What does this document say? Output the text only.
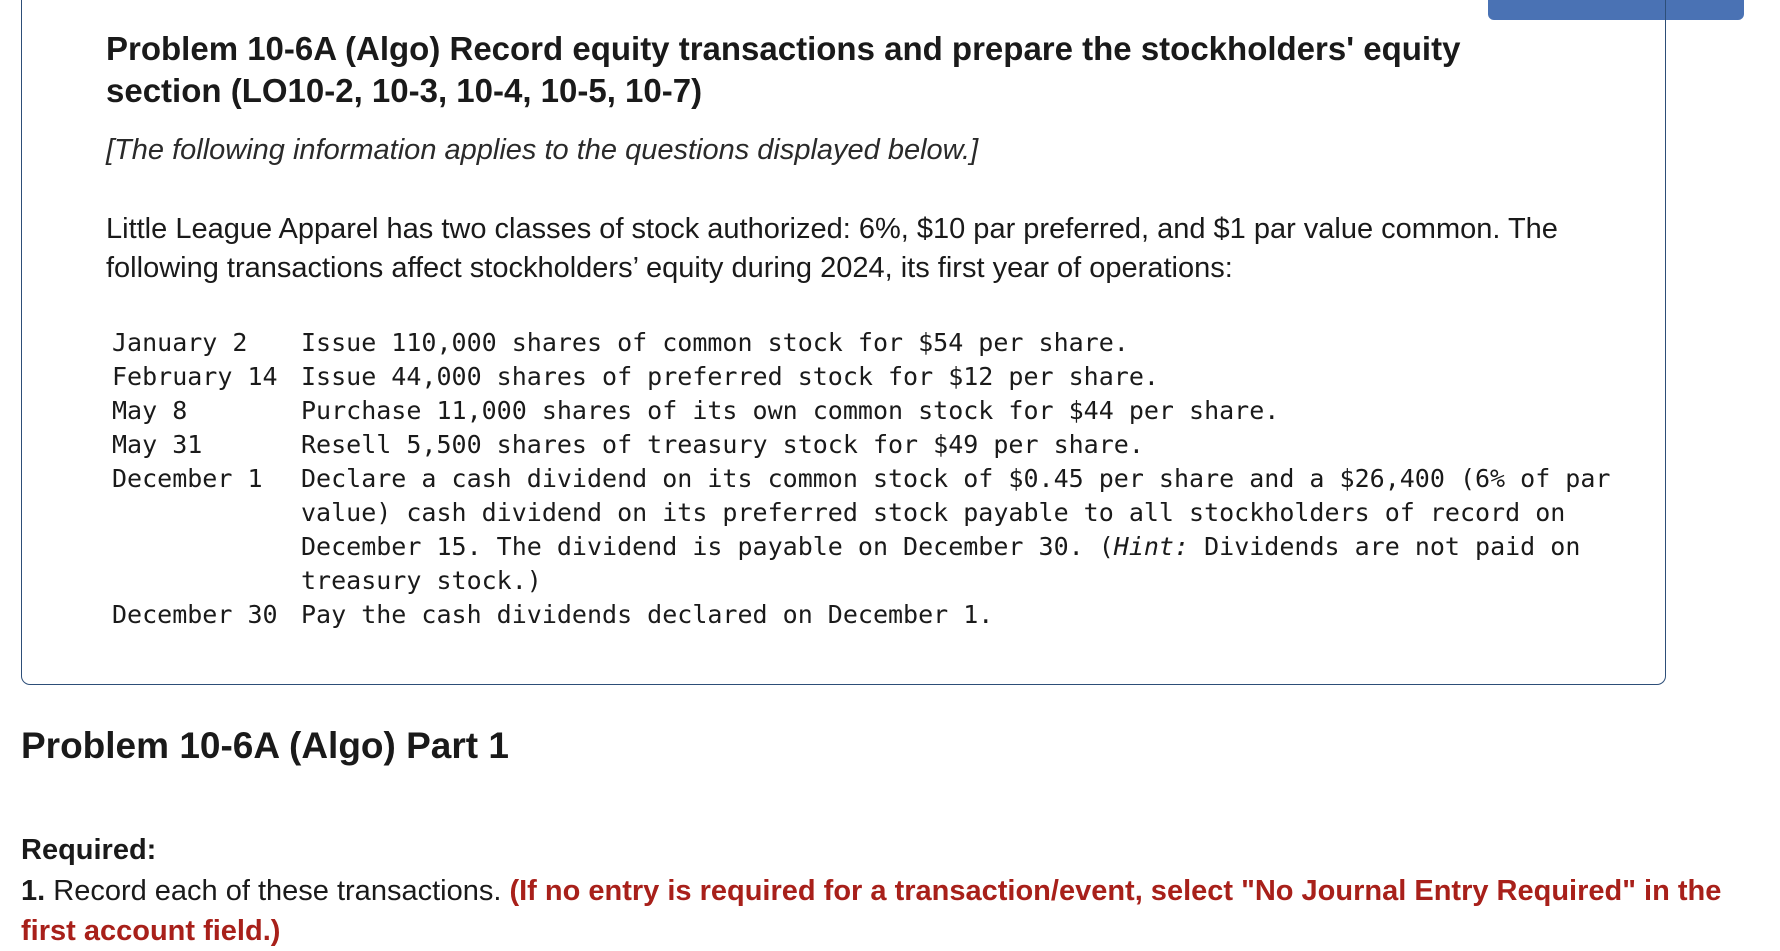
Problem 10-6A (Algo) Record equity transactions and prepare the stockholders' equity section (LO10-2, 10-3, 10-4, 10-5, 10-7)

[The following information applies to the questions displayed below.]

Little League Apparel has two classes of stock authorized: 6%, $10 par preferred, and $1 par value common. The following transactions affect stockholders’ equity during 2024, its first year of operations:

January 2	Issue 110,000 shares of common stock for $54 per share.
February 14 Issue 44,000 shares of preferred stock for $12 per share.
May 8	Purchase 11,000 shares of its own common stock for $44 per share.
May 31	Resell 5,500 shares of treasury stock for $49 per share.
December 1	Declare a cash dividend on its common stock of $0.45 per share and a $26,400 (6% of par value) cash dividend on its preferred stock payable to all stockholders of record on December 15. The dividend is payable on December 30. (Hint: Dividends are not paid on treasury stock.)
December 30 Pay the cash dividends declared on December 1.
Problem 10-6A (Algo) Part 1

Required:

1. Record each of these transactions. (If no entry is required for a transaction/event, select "No Journal Entry Required" in the first account field.)
